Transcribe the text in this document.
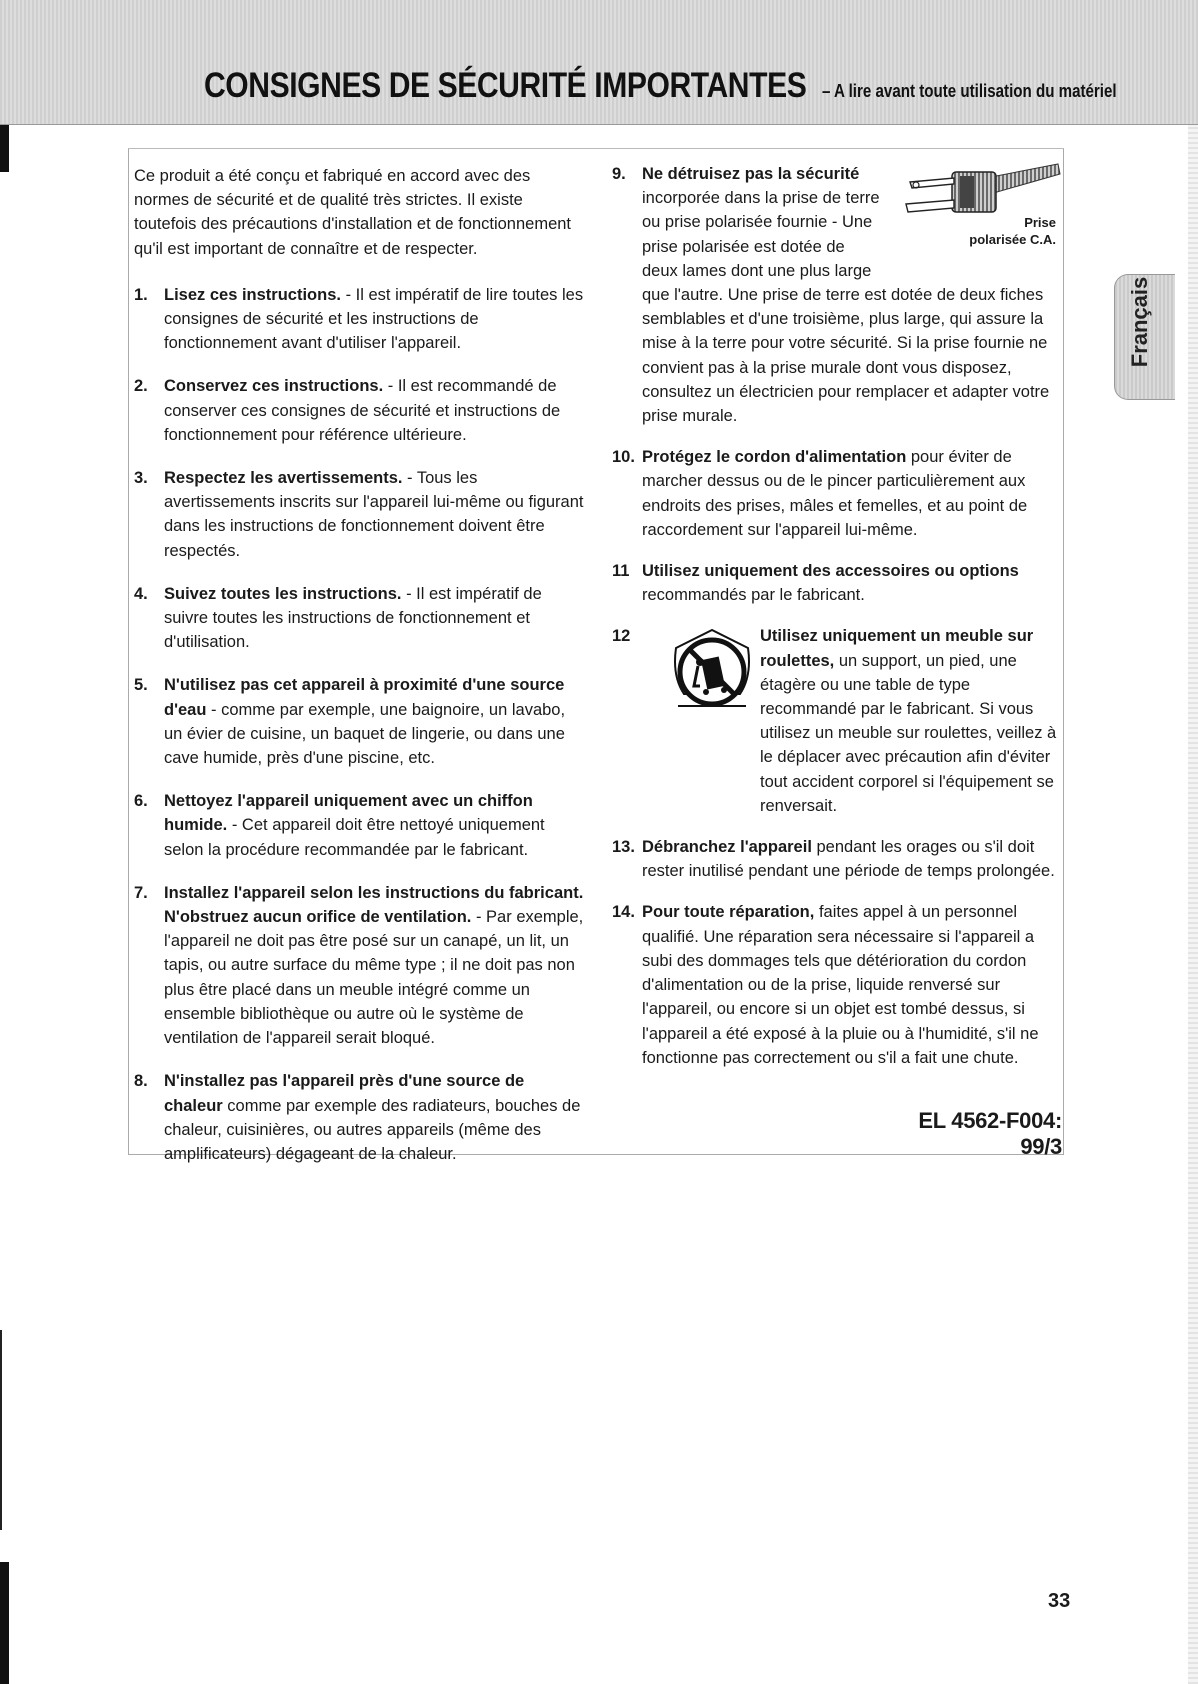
CONSIGNES DE SÉCURITÉ IMPORTANTES – A lire avant toute utilisation du matériel
Français

Ce produit a été conçu et fabriqué en accord avec des normes de sécurité et de qualité très strictes. Il existe toutefois des précautions d'installation et de fonctionnement qu'il est important de connaître et de respecter.

1. Lisez ces instructions. - Il est impératif de lire toutes les consignes de sécurité et les instructions de fonctionnement avant d'utiliser l'appareil.
2. Conservez ces instructions. - Il est recommandé de conserver ces consignes de sécurité et instructions de fonctionnement pour référence ultérieure.
3. Respectez les avertissements. - Tous les avertissements inscrits sur l'appareil lui-même ou figurant dans les instructions de fonctionnement doivent être respectés.
4. Suivez toutes les instructions. - Il est impératif de suivre toutes les instructions de fonctionnement et d'utilisation.
5. N'utilisez pas cet appareil à proximité d'une source d'eau - comme par exemple, une baignoire, un lavabo, un évier de cuisine, un baquet de lingerie, ou dans une cave humide, près d'une piscine, etc.
6. Nettoyez l'appareil uniquement avec un chiffon humide. - Cet appareil doit être nettoyé uniquement selon la procédure recommandée par le fabricant.
7. Installez l'appareil selon les instructions du fabricant. N'obstruez aucun orifice de ventilation. - Par exemple, l'appareil ne doit pas être posé sur un canapé, un lit, un tapis, ou autre surface du même type ; il ne doit pas non plus être placé dans un meuble intégré comme un ensemble bibliothèque ou autre où le système de ventilation de l'appareil serait bloqué.
8. N'installez pas l'appareil près d'une source de chaleur comme par exemple des radiateurs, bouches de chaleur, cuisinières, ou autres appareils (même des amplificateurs) dégageant de la chaleur.
9.
Prise
polarisée C.A.
Ne détruisez pas la sécurité
incorporée dans la prise de terre ou prise polarisée fournie - Une prise polarisée est dotée de deux lames dont une plus large que l'autre. Une prise de terre est dotée de deux fiches semblables et d'une troisième, plus large, qui assure la mise à la terre pour votre sécurité. Si la prise fournie ne convient pas à la prise murale dont vous disposez, consultez un électricien pour remplacer et adapter votre prise murale.
10. Protégez le cordon d'alimentation pour éviter de marcher dessus ou de le pincer particulièrement aux endroits des prises, mâles et femelles, et au point de raccordement sur l'appareil lui-même.
11 Utilisez uniquement des accessoires ou options recommandés par le fabricant.
12	Utilisez uniquement un meuble sur roulettes, un support, un pied, une étagère ou une table de type recommandé par le fabricant. Si vous utilisez un meuble sur roulettes, veillez à le déplacer avec précaution afin d'éviter tout accident corporel si l'équipement se renversait.
13. Débranchez l'appareil pendant les orages ou s'il doit rester inutilisé pendant une période de temps prolongée.
14. Pour toute réparation, faites appel à un personnel qualifié. Une réparation sera nécessaire si l'appareil a subi des dommages tels que détérioration du cordon d'alimentation ou de la prise, liquide renversé sur l'appareil, ou encore si un objet est tombé dessus, si l'appareil a été exposé à la pluie ou à l'humidité, s'il ne fonctionne pas correctement ou s'il a fait une chute.
EL 4562-F004: 99/3
33
